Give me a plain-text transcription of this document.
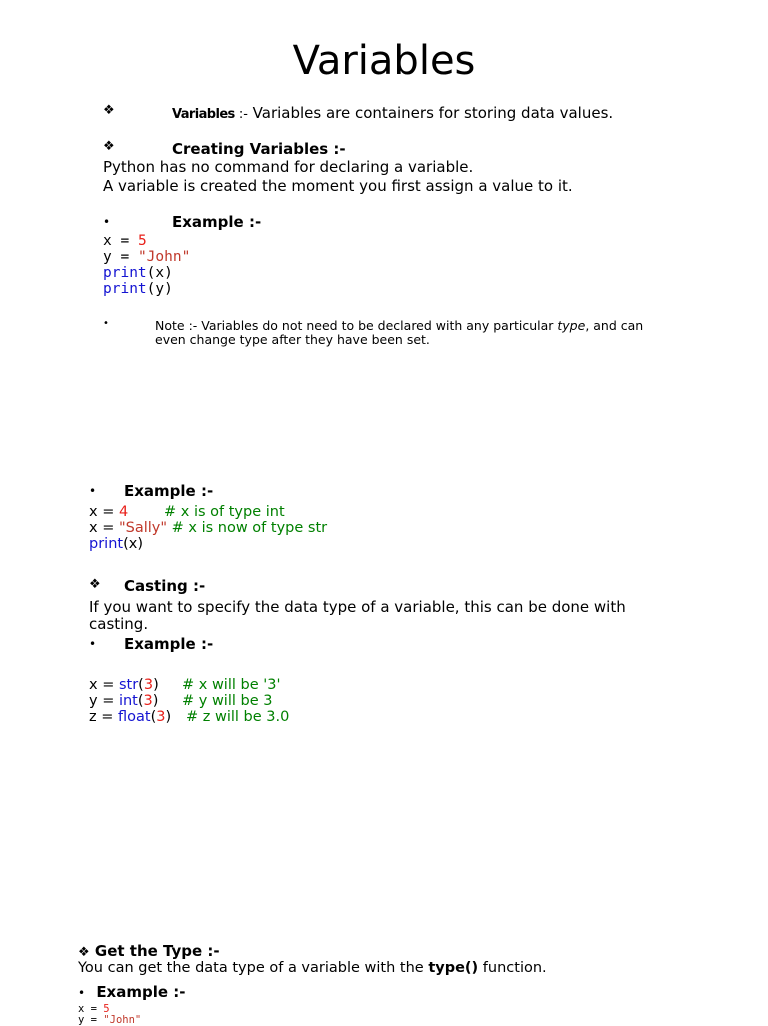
Variables
❖	Variables :- Variables are containers for storing data values.
❖	Creating Variables :-
Python has no command for declaring a variable.
A variable is created the moment you first assign a value to it.
•	Example :-
x = 5
y = "John"
print(x)
print(y)
•	Note :- Variables do not need to be declared with any particular type, and can
even change type after they have been set.
• Example :-
x = 4 # x is of type int
x = "Sally" # x is now of type str
print(x)
❖ Casting :-
If you want to specify the data type of a variable, this can be done with
casting.
• Example :-
x = str(3) # x will be '3'
y = int(3) # y will be 3
z = float(3) # z will be 3.0
❖ Get the Type :-
You can get the data type of a variable with the type() function.
• Example :-
x = 5
y = "John"
